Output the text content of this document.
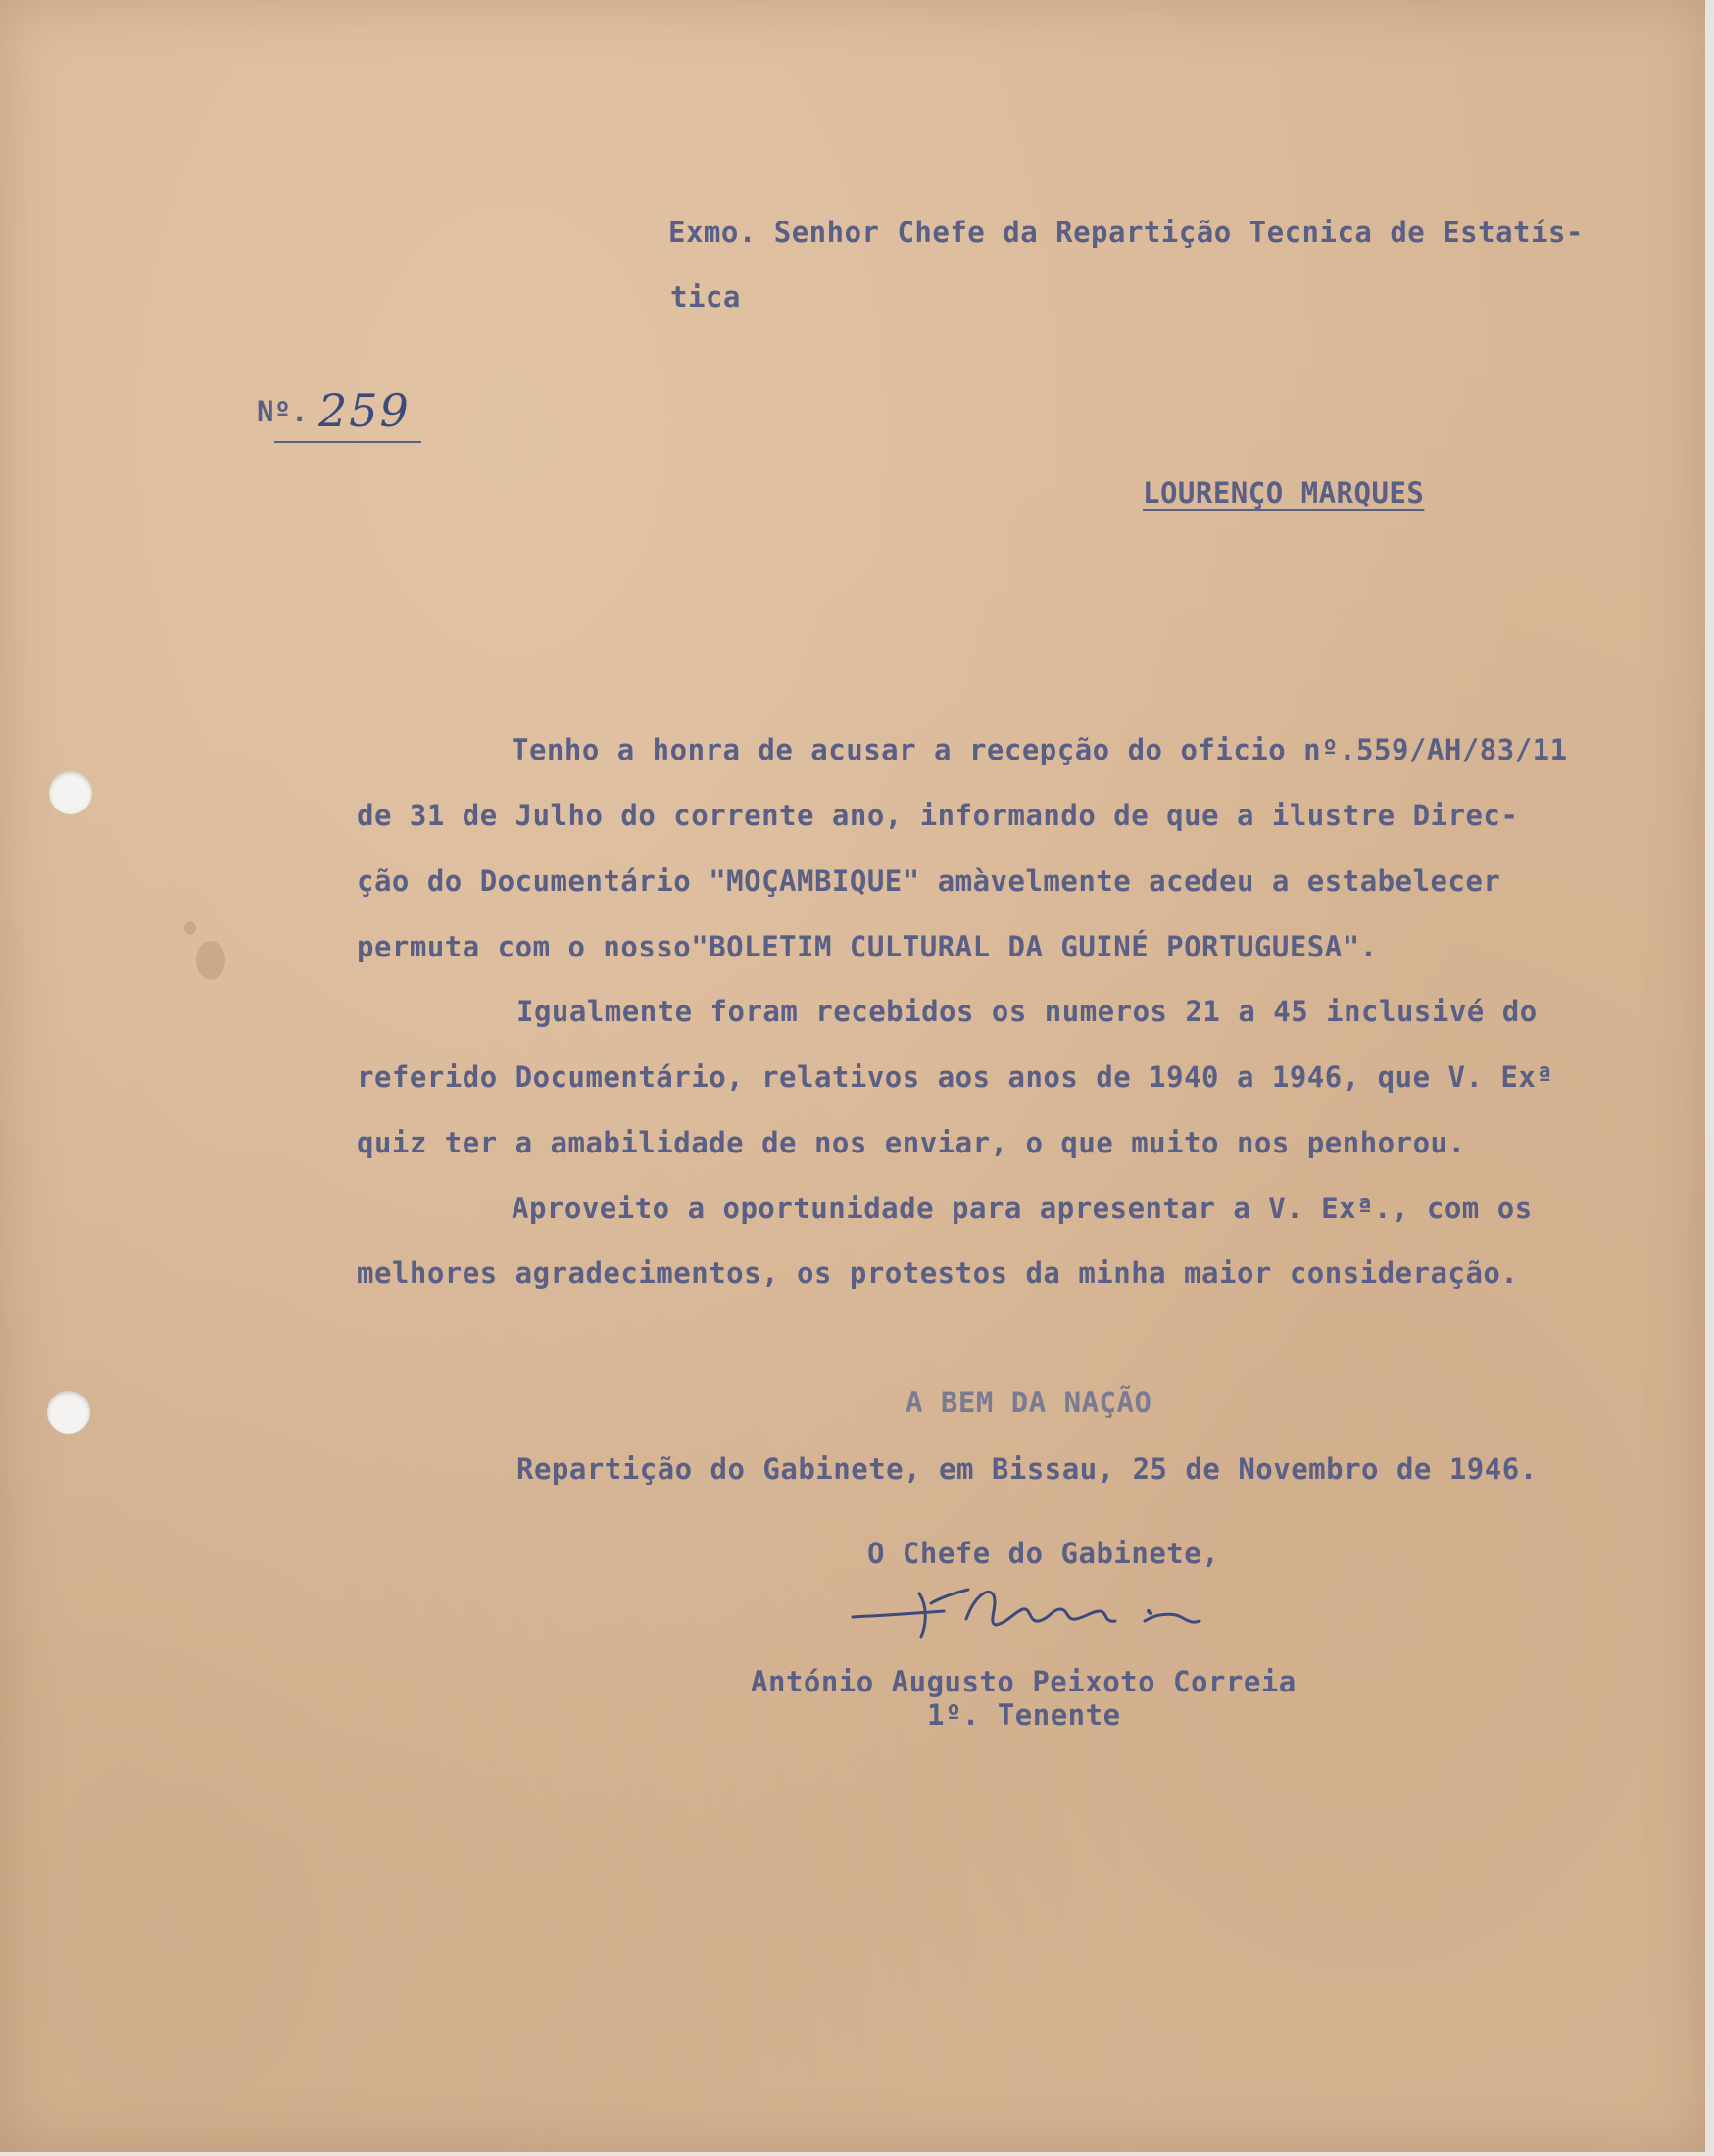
Exmo. Senhor Chefe da Repartição Tecnica de Estatís-
tica
Nº. 259
LOURENÇO MARQUES
Tenho a honra de acusar a recepção do oficio nº.559/AH/83/11
de 31 de Julho do corrente ano, informando de que a ilustre Direc-
ção do Documentário "MOÇAMBIQUE" amàvelmente acedeu a estabelecer
permuta com o nosso"BOLETIM CULTURAL DA GUINÉ PORTUGUESA".
Igualmente foram recebidos os numeros 21 a 45 inclusivé do
referido Documentário, relativos aos anos de 1940 a 1946, que V. Exª
quiz ter a amabilidade de nos enviar, o que muito nos penhorou.
Aproveito a oportunidade para apresentar a V. Exª., com os
melhores agradecimentos, os protestos da minha maior consideração.
A BEM DA NAÇÃO
Repartição do Gabinete, em Bissau, 25 de Novembro de 1946.
O Chefe do Gabinete,
António Augusto Peixoto Correia
1º. Tenente
